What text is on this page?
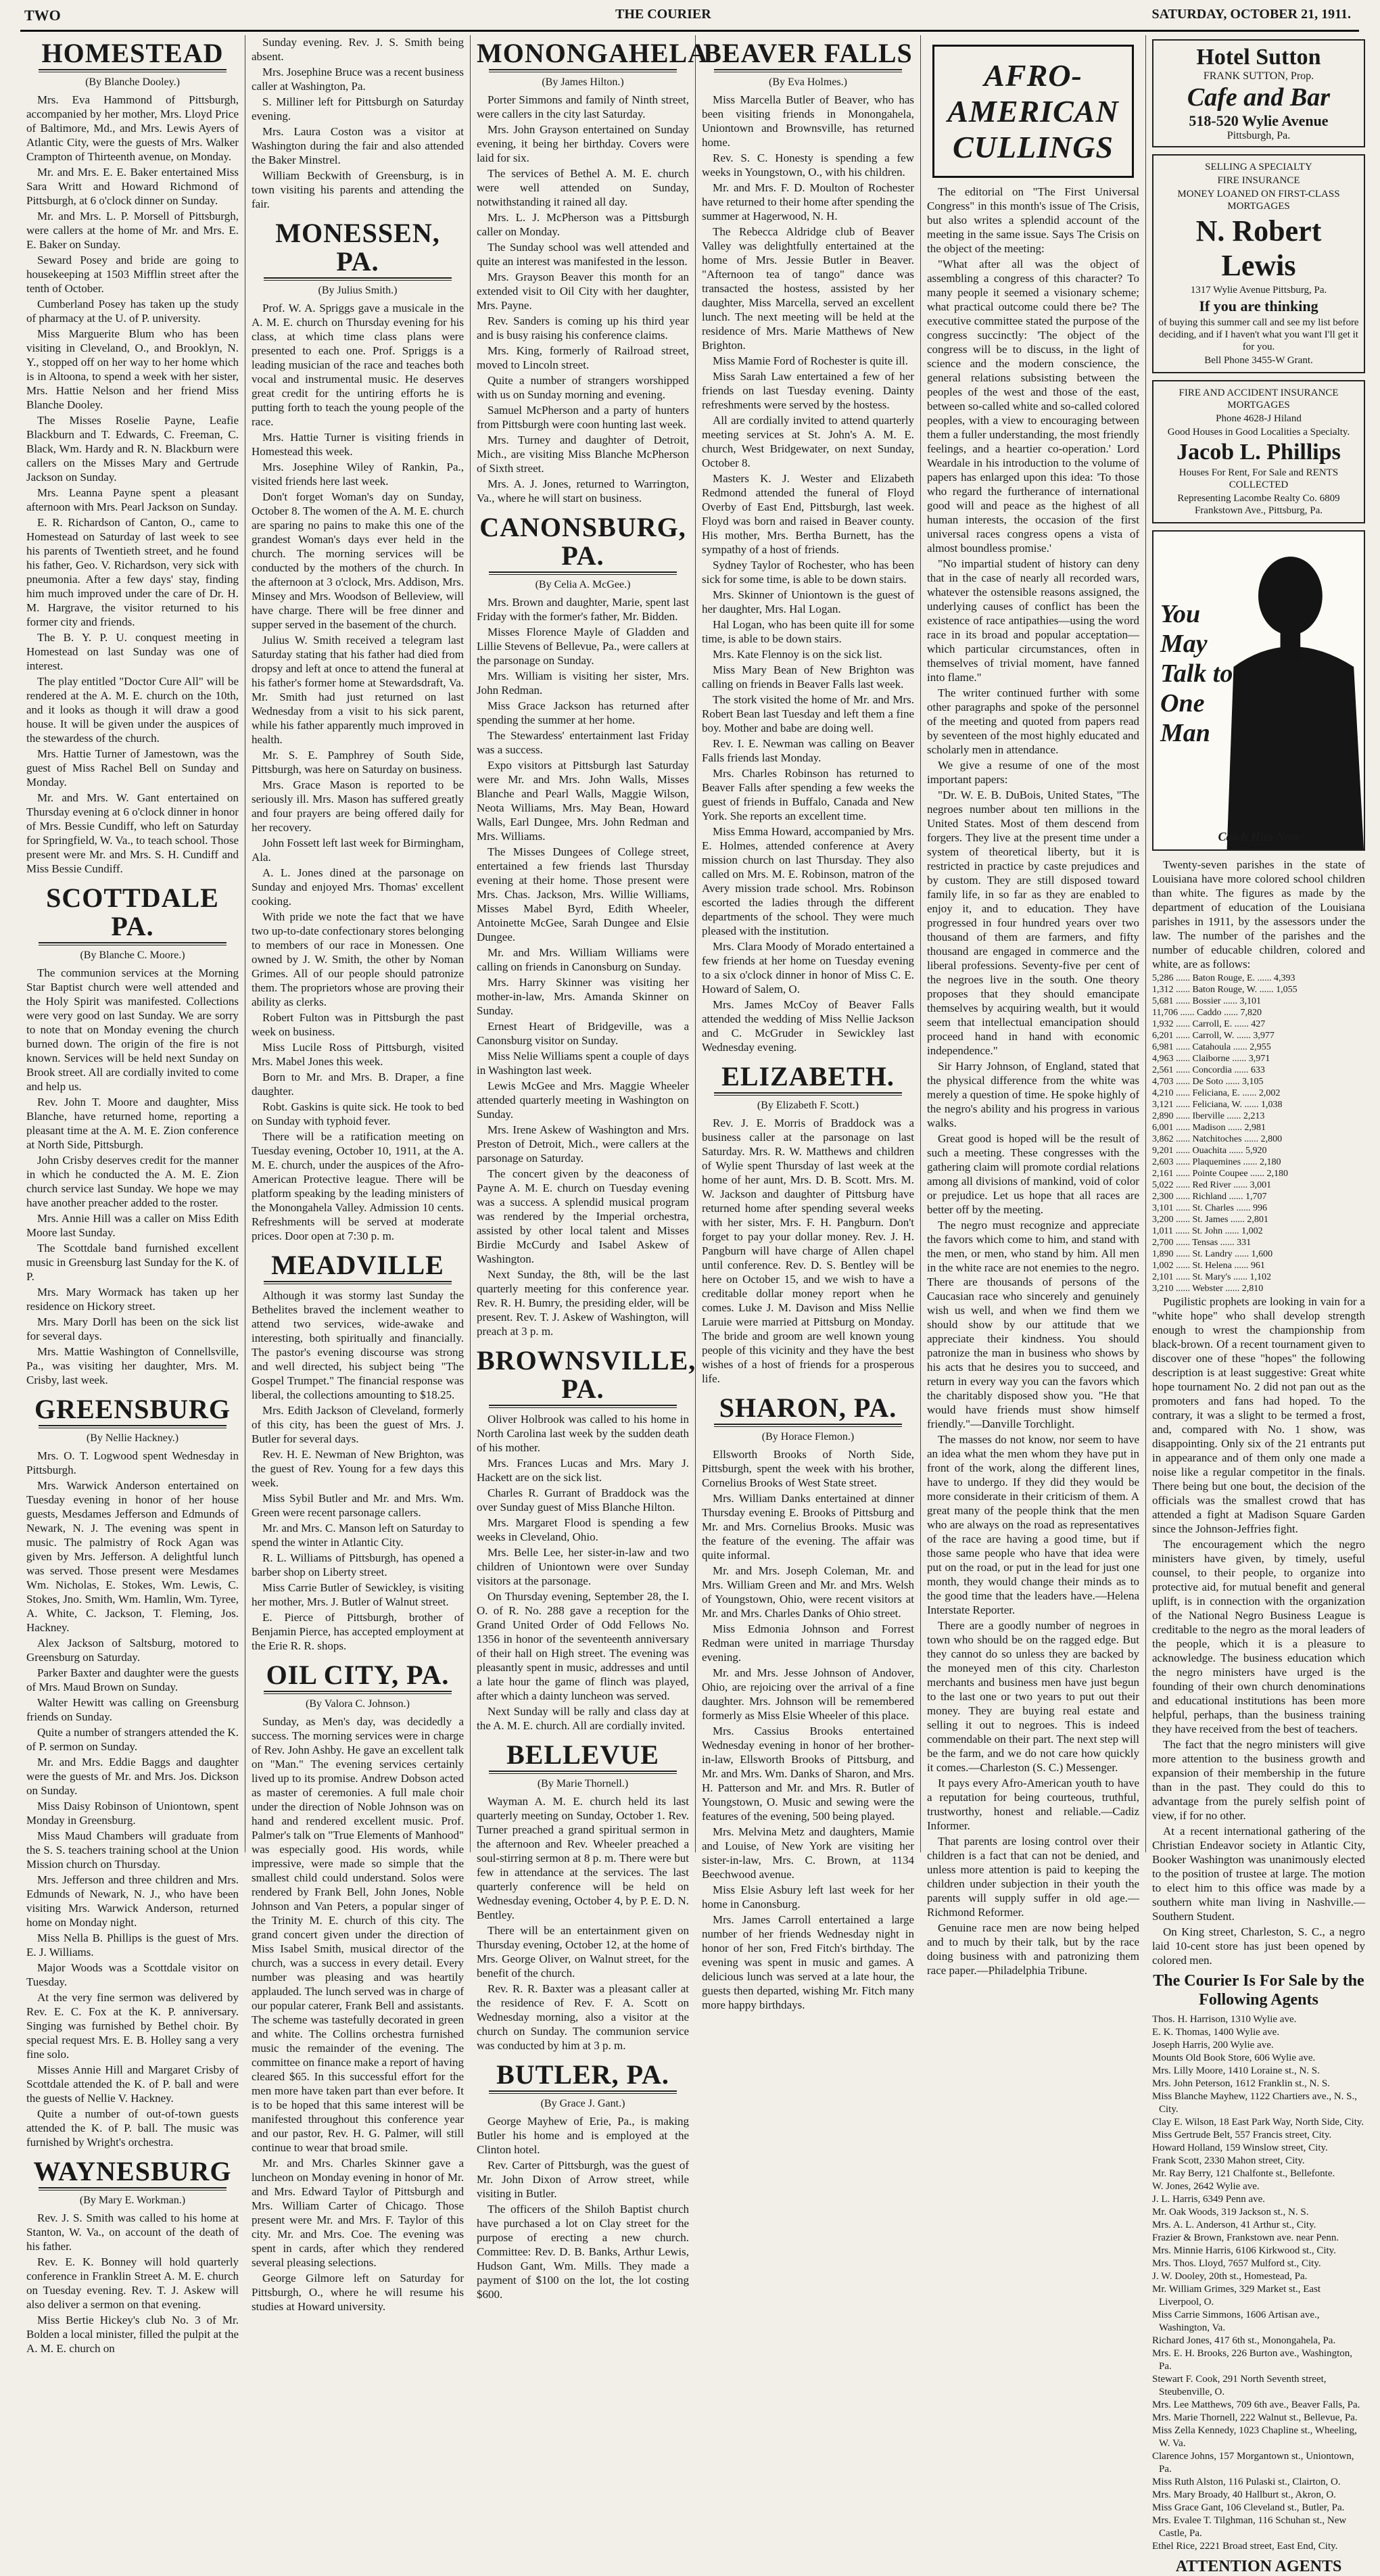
TWO	THE COURIER	SATURDAY, OCTOBER 21, 1911.
HOMESTEAD
(By Blanche Dooley.)

Mrs. Eva Hammond of Pittsburgh, accompanied by her mother, Mrs. Lloyd Price of Baltimore, Md., and Mrs. Lewis Ayers of Atlantic City, were the guests of Mrs. Walker Crampton of Thirteenth avenue, on Monday.

Mr. and Mrs. E. E. Baker entertained Miss Sara Writt and Howard Richmond of Pittsburgh, at 6 o'clock dinner on Sunday.

Mr. and Mrs. L. P. Morsell of Pittsburgh, were callers at the home of Mr. and Mrs. E. E. Baker on Sunday.

Seward Posey and bride are going to housekeeping at 1503 Mifflin street after the tenth of October.

Cumberland Posey has taken up the study of pharmacy at the U. of P. university.

Miss Marguerite Blum who has been visiting in Cleveland, O., and Brooklyn, N. Y., stopped off on her way to her home which is in Altoona, to spend a week with her sister, Mrs. Hattie Nelson and her friend Miss Blanche Dooley.

The Misses Roselie Payne, Leafie Blackburn and T. Edwards, C. Freeman, C. Black, Wm. Hardy and R. N. Blackburn were callers on the Misses Mary and Gertrude Jackson on Sunday.

Mrs. Leanna Payne spent a pleasant afternoon with Mrs. Pearl Jackson on Sunday.

E. R. Richardson of Canton, O., came to Homestead on Saturday of last week to see his parents of Twentieth street, and he found his father, Geo. V. Richardson, very sick with pneumonia. After a few days' stay, finding him much improved under the care of Dr. H. M. Hargrave, the visitor returned to his former city and friends.

The B. Y. P. U. conquest meeting in Homestead on last Sunday was one of interest.

The play entitled "Doctor Cure All" will be rendered at the A. M. E. church on the 10th, and it looks as though it will draw a good house. It will be given under the auspices of the stewardess of the church.

Mrs. Hattie Turner of Jamestown, was the guest of Miss Rachel Bell on Sunday and Monday.

Mr. and Mrs. W. Gant entertained on Thursday evening at 6 o'clock dinner in honor of Mrs. Bessie Cundiff, who left on Saturday for Springfield, W. Va., to teach school. Those present were Mr. and Mrs. S. H. Cundiff and Miss Bessie Cundiff.

SCOTTDALE PA.
(By Blanche C. Moore.)

The communion services at the Morning Star Baptist church were well attended and the Holy Spirit was manifested. Collections were very good on last Sunday. We are sorry to note that on Monday evening the church burned down. The origin of the fire is not known. Services will be held next Sunday on Brook street. All are cordially invited to come and help us.

Rev. John T. Moore and daughter, Miss Blanche, have returned home, reporting a pleasant time at the A. M. E. Zion conference at North Side, Pittsburgh.

John Crisby deserves credit for the manner in which he conducted the A. M. E. Zion church service last Sunday. We hope we may have another preacher added to the roster.

Mrs. Annie Hill was a caller on Miss Edith Moore last Sunday.

The Scottdale band furnished excellent music in Greensburg last Sunday for the K. of P.

Mrs. Mary Wormack has taken up her residence on Hickory street.

Mrs. Mary Dorll has been on the sick list for several days.

Mrs. Mattie Washington of Connellsville, Pa., was visiting her daughter, Mrs. M. Crisby, last week.

GREENSBURG
(By Nellie Hackney.)

Mrs. O. T. Logwood spent Wednesday in Pittsburgh.

Mrs. Warwick Anderson entertained on Tuesday evening in honor of her house guests, Mesdames Jefferson and Edmunds of Newark, N. J. The evening was spent in music. The palmistry of Rock Agan was given by Mrs. Jefferson. A delightful lunch was served. Those present were Mesdames Wm. Nicholas, E. Stokes, Wm. Lewis, C. Stokes, Jno. Smith, Wm. Hamlin, Wm. Tyree, A. White, C. Jackson, T. Fleming, Jos. Hackney.

Alex Jackson of Saltsburg, motored to Greensburg on Saturday.

Parker Baxter and daughter were the guests of Mrs. Maud Brown on Sunday.

Walter Hewitt was calling on Greensburg friends on Sunday.

Quite a number of strangers attended the K. of P. sermon on Sunday.

Mr. and Mrs. Eddie Baggs and daughter were the guests of Mr. and Mrs. Jos. Dickson on Sunday.

Miss Daisy Robinson of Uniontown, spent Monday in Greensburg.

Miss Maud Chambers will graduate from the S. S. teachers training school at the Union Mission church on Thursday.

Mrs. Jefferson and three children and Mrs. Edmunds of Newark, N. J., who have been visiting Mrs. Warwick Anderson, returned home on Monday night.

Miss Nella B. Phillips is the guest of Mrs. E. J. Williams.

Major Woods was a Scottdale visitor on Tuesday.

At the very fine sermon was delivered by Rev. E. C. Fox at the K. P. anniversary. Singing was furnished by Bethel choir. By special request Mrs. E. B. Holley sang a very fine solo.

Misses Annie Hill and Margaret Crisby of Scottdale attended the K. of P. ball and were the guests of Nellie V. Hackney.

Quite a number of out-of-town guests attended the K. of P. ball. The music was furnished by Wright's orchestra.

WAYNESBURG
(By Mary E. Workman.)

Rev. J. S. Smith was called to his home at Stanton, W. Va., on account of the death of his father.

Rev. E. K. Bonney will hold quarterly conference in Franklin Street A. M. E. church on Tuesday evening. Rev. T. J. Askew will also deliver a sermon on that evening.

Miss Bertie Hickey's club No. 3 of Mr. Bolden a local minister, filled the pulpit at the A. M. E. church on

Sunday evening. Rev. J. S. Smith being absent.

Mrs. Josephine Bruce was a recent business caller at Washington, Pa.

S. Milliner left for Pittsburgh on Saturday evening.

Mrs. Laura Coston was a visitor at Washington during the fair and also attended the Baker Minstrel.

William Beckwith of Greensburg, is in town visiting his parents and attending the fair.

MONESSEN, PA.
(By Julius Smith.)

Prof. W. A. Spriggs gave a musicale in the A. M. E. church on Thursday evening for his class, at which time class plans were presented to each one. Prof. Spriggs is a leading musician of the race and teaches both vocal and instrumental music. He deserves great credit for the untiring efforts he is putting forth to teach the young people of the race.

Mrs. Hattie Turner is visiting friends in Homestead this week.

Mrs. Josephine Wiley of Rankin, Pa., visited friends here last week.

Don't forget Woman's day on Sunday, October 8. The women of the A. M. E. church are sparing no pains to make this one of the grandest Woman's days ever held in the church. The morning services will be conducted by the mothers of the church. In the afternoon at 3 o'clock, Mrs. Addison, Mrs. Minsey and Mrs. Woodson of Belleview, will have charge. There will be free dinner and supper served in the basement of the church.

Julius W. Smith received a telegram last Saturday stating that his father had died from dropsy and left at once to attend the funeral at his father's former home at Stewardsdraft, Va. Mr. Smith had just returned on last Wednesday from a visit to his sick parent, while his father apparently much improved in health.

Mr. S. E. Pamphrey of South Side, Pittsburgh, was here on Saturday on business.

Mrs. Grace Mason is reported to be seriously ill. Mrs. Mason has suffered greatly and four prayers are being offered daily for her recovery.

John Fossett left last week for Birmingham, Ala.

A. L. Jones dined at the parsonage on Sunday and enjoyed Mrs. Thomas' excellent cooking.

With pride we note the fact that we have two up-to-date confectionary stores belonging to members of our race in Monessen. One owned by J. W. Smith, the other by Noman Grimes. All of our people should patronize them. The proprietors whose are proving their ability as clerks.

Robert Fulton was in Pittsburgh the past week on business.

Miss Lucile Ross of Pittsburgh, visited Mrs. Mabel Jones this week.

Born to Mr. and Mrs. B. Draper, a fine daughter.

Robt. Gaskins is quite sick. He took to bed on Sunday with typhoid fever.

There will be a ratification meeting on Tuesday evening, October 10, 1911, at the A. M. E. church, under the auspices of the Afro-American Protective league. There will be platform speaking by the leading ministers of the Monongahela Valley. Admission 10 cents. Refreshments will be served at moderate prices. Door open at 7:30 p. m.

MEADVILLE

Although it was stormy last Sunday the Bethelites braved the inclement weather to attend two services, wide-awake and interesting, both spiritually and financially. The pastor's evening discourse was strong and well directed, his subject being "The Gospel Trumpet." The financial response was liberal, the collections amounting to $18.25.

Mrs. Edith Jackson of Cleveland, formerly of this city, has been the guest of Mrs. J. Butler for several days.

Rev. H. E. Newman of New Brighton, was the guest of Rev. Young for a few days this week.

Miss Sybil Butler and Mr. and Mrs. Wm. Green were recent parsonage callers.

Mr. and Mrs. C. Manson left on Saturday to spend the winter in Atlantic City.

R. L. Williams of Pittsburgh, has opened a barber shop on Liberty street.

Miss Carrie Butler of Sewickley, is visiting her mother, Mrs. J. Butler of Walnut street.

E. Pierce of Pittsburgh, brother of Benjamin Pierce, has accepted employment at the Erie R. R. shops.

OIL CITY, PA.
(By Valora C. Johnson.)

Sunday, as Men's day, was decidedly a success. The morning services were in charge of Rev. John Ashby. He gave an excellent talk on "Man." The evening services certainly lived up to its promise. Andrew Dobson acted as master of ceremonies. A full male choir under the direction of Noble Johnson was on hand and rendered excellent music. Prof. Palmer's talk on "True Elements of Manhood" was especially good. His words, while impressive, were made so simple that the smallest child could understand. Solos were rendered by Frank Bell, John Jones, Noble Johnson and Van Peters, a popular singer of the Trinity M. E. church of this city. The grand concert given under the direction of Miss Isabel Smith, musical director of the church, was a success in every detail. Every number was pleasing and was heartily applauded. The lunch served was in charge of our popular caterer, Frank Bell and assistants. The scheme was tastefully decorated in green and white. The Collins orchestra furnished music the remainder of the evening. The committee on finance make a report of having cleared $65. In this successful effort for the men more have taken part than ever before. It is to be hoped that this same interest will be manifested throughout this conference year and our pastor, Rev. H. G. Palmer, will still continue to wear that broad smile.

Mr. and Mrs. Charles Skinner gave a luncheon on Monday evening in honor of Mr. and Mrs. Edward Taylor of Pittsburgh and Mrs. William Carter of Chicago. Those present were Mr. and Mrs. F. Taylor of this city. Mr. and Mrs. Coe. The evening was spent in cards, after which they rendered several pleasing selections.

George Gilmore left on Saturday for Pittsburgh, O., where he will resume his studies at Howard university.

MONONGAHELA
(By James Hilton.)

Porter Simmons and family of Ninth street, were callers in the city last Saturday.

Mrs. John Grayson entertained on Sunday evening, it being her birthday. Covers were laid for six.

The services of Bethel A. M. E. church were well attended on Sunday, notwithstanding it rained all day.

Mrs. L. J. McPherson was a Pittsburgh caller on Monday.

The Sunday school was well attended and quite an interest was manifested in the lesson.

Mrs. Grayson Beaver this month for an extended visit to Oil City with her daughter, Mrs. Payne.

Rev. Sanders is coming up his third year and is busy raising his conference claims.

Mrs. King, formerly of Railroad street, moved to Lincoln street.

Quite a number of strangers worshipped with us on Sunday morning and evening.

Samuel McPherson and a party of hunters from Pittsburgh were coon hunting last week.

Mrs. Turney and daughter of Detroit, Mich., are visiting Miss Blanche McPherson of Sixth street.

Mrs. A. J. Jones, returned to Warrington, Va., where he will start on business.

CANONSBURG, PA.
(By Celia A. McGee.)

Mrs. Brown and daughter, Marie, spent last Friday with the former's father, Mr. Bidden.

Misses Florence Mayle of Gladden and Lillie Stevens of Bellevue, Pa., were callers at the parsonage on Sunday.

Mrs. William is visiting her sister, Mrs. John Redman.

Miss Grace Jackson has returned after spending the summer at her home.

The Stewardess' entertainment last Friday was a success.

Expo visitors at Pittsburgh last Saturday were Mr. and Mrs. John Walls, Misses Blanche and Pearl Walls, Maggie Wilson, Neota Williams, Mrs. May Bean, Howard Walls, Earl Dungee, Mrs. John Redman and Mrs. Williams.

The Misses Dungees of College street, entertained a few friends last Thursday evening at their home. Those present were Mrs. Chas. Jackson, Mrs. Willie Williams, Misses Mabel Byrd, Edith Wheeler, Antoinette McGee, Sarah Dungee and Elsie Dungee.

Mr. and Mrs. William Williams were calling on friends in Canonsburg on Sunday.

Mrs. Harry Skinner was visiting her mother-in-law, Mrs. Amanda Skinner on Sunday.

Ernest Heart of Bridgeville, was a Canonsburg visitor on Sunday.

Miss Nelie Williams spent a couple of days in Washington last week.

Lewis McGee and Mrs. Maggie Wheeler attended quarterly meeting in Washington on Sunday.

Mrs. Irene Askew of Washington and Mrs. Preston of Detroit, Mich., were callers at the parsonage on Saturday.

The concert given by the deaconess of Payne A. M. E. church on Tuesday evening was a success. A splendid musical program was rendered by the Imperial orchestra, assisted by other local talent and Misses Birdie McCurdy and Isabel Askew of Washington.

Next Sunday, the 8th, will be the last quarterly meeting for this conference year. Rev. R. H. Bumry, the presiding elder, will be present. Rev. T. J. Askew of Washington, will preach at 3 p. m.

BROWNSVILLE, PA.

Oliver Holbrook was called to his home in North Carolina last week by the sudden death of his mother.

Mrs. Frances Lucas and Mrs. Mary J. Hackett are on the sick list.

Charles R. Gurrant of Braddock was the over Sunday guest of Miss Blanche Hilton.

Mrs. Margaret Flood is spending a few weeks in Cleveland, Ohio.

Mrs. Belle Lee, her sister-in-law and two children of Uniontown were over Sunday visitors at the parsonage.

On Thursday evening, September 28, the I. O. of R. No. 288 gave a reception for the Grand United Order of Odd Fellows No. 1356 in honor of the seventeenth anniversary of their hall on High street. The evening was pleasantly spent in music, addresses and until a late hour the game of flinch was played, after which a dainty luncheon was served.

Next Sunday will be rally and class day at the A. M. E. church. All are cordially invited.

BELLEVUE
(By Marie Thornell.)

Wayman A. M. E. church held its last quarterly meeting on Sunday, October 1. Rev. Turner preached a grand spiritual sermon in the afternoon and Rev. Wheeler preached a soul-stirring sermon at 8 p. m. There were but few in attendance at the services. The last quarterly conference will be held on Wednesday evening, October 4, by P. E. D. N. Bentley.

There will be an entertainment given on Thursday evening, October 12, at the home of Mrs. George Oliver, on Walnut street, for the benefit of the church.

Rev. R. R. Baxter was a pleasant caller at the residence of Rev. F. A. Scott on Wednesday morning, also a visitor at the church on Sunday. The communion service was conducted by him at 3 p. m.

BUTLER, PA.
(By Grace J. Gant.)

George Mayhew of Erie, Pa., is making Butler his home and is employed at the Clinton hotel.

Rev. Carter of Pittsburgh, was the guest of Mr. John Dixon of Arrow street, while visiting in Butler.

The officers of the Shiloh Baptist church have purchased a lot on Clay street for the purpose of erecting a new church. Committee: Rev. D. B. Banks, Arthur Lewis, Hudson Gant, Wm. Mills. They made a payment of $100 on the lot, the lot costing $600.

BEAVER FALLS
(By Eva Holmes.)

Miss Marcella Butler of Beaver, who has been visiting friends in Monongahela, Uniontown and Brownsville, has returned home.

Rev. S. C. Honesty is spending a few weeks in Youngstown, O., with his children.

Mr. and Mrs. F. D. Moulton of Rochester have returned to their home after spending the summer at Hagerwood, N. H.

The Rebecca Aldridge club of Beaver Valley was delightfully entertained at the home of Mrs. Jessie Butler in Beaver. "Afternoon tea of tango" dance was transacted the hostess, assisted by her daughter, Miss Marcella, served an excellent lunch. The next meeting will be held at the residence of Mrs. Marie Matthews of New Brighton.

Miss Mamie Ford of Rochester is quite ill.

Miss Sarah Law entertained a few of her friends on last Tuesday evening. Dainty refreshments were served by the hostess.

All are cordially invited to attend quarterly meeting services at St. John's A. M. E. church, West Bridgewater, on next Sunday, October 8.

Masters K. J. Wester and Elizabeth Redmond attended the funeral of Floyd Overby of East End, Pittsburgh, last week. Floyd was born and raised in Beaver county. His mother, Mrs. Bertha Burnett, has the sympathy of a host of friends.

Sydney Taylor of Rochester, who has been sick for some time, is able to be down stairs.

Mrs. Skinner of Uniontown is the guest of her daughter, Mrs. Hal Logan.

Hal Logan, who has been quite ill for some time, is able to be down stairs.

Mrs. Kate Flennoy is on the sick list.

Miss Mary Bean of New Brighton was calling on friends in Beaver Falls last week.

The stork visited the home of Mr. and Mrs. Robert Bean last Tuesday and left them a fine boy. Mother and babe are doing well.

Rev. I. E. Newman was calling on Beaver Falls friends last Monday.

Mrs. Charles Robinson has returned to Beaver Falls after spending a few weeks the guest of friends in Buffalo, Canada and New York. She reports an excellent time.

Miss Emma Howard, accompanied by Mrs. E. Holmes, attended conference at Avery mission church on last Thursday. They also called on Mrs. M. E. Robinson, matron of the Avery mission trade school. Mrs. Robinson escorted the ladies through the different departments of the school. They were much pleased with the institution.

Mrs. Clara Moody of Morado entertained a few friends at her home on Tuesday evening to a six o'clock dinner in honor of Miss C. E. Howard of Salem, O.

Mrs. James McCoy of Beaver Falls attended the wedding of Miss Nellie Jackson and C. McGruder in Sewickley last Wednesday evening.

ELIZABETH.
(By Elizabeth F. Scott.)

Rev. J. E. Morris of Braddock was a business caller at the parsonage on last Saturday. Mrs. R. W. Matthews and children of Wylie spent Thursday of last week at the home of her aunt, Mrs. D. B. Scott. Mrs. M. W. Jackson and daughter of Pittsburg have returned home after spending several weeks with her sister, Mrs. F. H. Pangburn. Don't forget to pay your dollar money. Rev. J. H. Pangburn will have charge of Allen chapel until conference. Rev. D. S. Bentley will be here on October 15, and we wish to have a creditable dollar money report when he comes. Luke J. M. Davison and Miss Nellie Laruie were married at Pittsburg on Monday. The bride and groom are well known young people of this vicinity and they have the best wishes of a host of friends for a prosperous life.

SHARON, PA.
(By Horace Flemon.)

Ellsworth Brooks of North Side, Pittsburgh, spent the week with his brother, Cornelius Brooks of West State street.

Mrs. William Danks entertained at dinner Thursday evening E. Brooks of Pittsburg and Mr. and Mrs. Cornelius Brooks. Music was the feature of the evening. The affair was quite informal.

Mr. and Mrs. Joseph Coleman, Mr. and Mrs. William Green and Mr. and Mrs. Welsh of Youngstown, Ohio, were recent visitors at Mr. and Mrs. Charles Danks of Ohio street.

Miss Edmonia Johnson and Forrest Redman were united in marriage Thursday evening.

Mr. and Mrs. Jesse Johnson of Andover, Ohio, are rejoicing over the arrival of a fine daughter. Mrs. Johnson will be remembered formerly as Miss Elsie Wheeler of this place.

Mrs. Cassius Brooks entertained Wednesday evening in honor of her brother-in-law, Ellsworth Brooks of Pittsburg, and Mr. and Mrs. Wm. Danks of Sharon, and Mrs. H. Patterson and Mr. and Mrs. R. Butler of Youngstown, O. Music and sewing were the features of the evening, 500 being played.

Mrs. Melvina Metz and daughters, Mamie and Louise, of New York are visiting her sister-in-law, Mrs. C. Brown, at 1134 Beechwood avenue.

Miss Elsie Asbury left last week for her home in Canonsburg.

Mrs. James Carroll entertained a large number of her friends Wednesday night in honor of her son, Fred Fitch's birthday. The evening was spent in music and games. A delicious lunch was served at a late hour, the guests then departed, wishing Mr. Fitch many more happy birthdays.

AFRO-AMERICAN CULLINGS

The editorial on "The First Universal Congress" in this month's issue of The Crisis, but also writes a splendid account of the meeting in the same issue. Says The Crisis on the object of the meeting:

"What after all was the object of assembling a congress of this character? To many people it seemed a visionary scheme; what practical outcome could there be? The executive committee stated the purpose of the congress succinctly: 'The object of the congress will be to discuss, in the light of science and the modern conscience, the general relations subsisting between the peoples of the west and those of the east, between so-called white and so-called colored peoples, with a view to encouraging between them a fuller understanding, the most friendly feelings, and a heartier co-operation.' Lord Weardale in his introduction to the volume of papers has enlarged upon this idea: 'To those who regard the furtherance of international good will and peace as the highest of all human interests, the occasion of the first universal races congress opens a vista of almost boundless promise.'

"No impartial student of history can deny that in the case of nearly all recorded wars, whatever the ostensible reasons assigned, the underlying causes of conflict has been the existence of race antipathies—using the word race in its broad and popular acceptation—which particular circumstances, often in themselves of trivial moment, have fanned into flame."

The writer continued further with some other paragraphs and spoke of the personnel of the meeting and quoted from papers read by seventeen of the most highly educated and scholarly men in attendance.

We give a resume of one of the most important papers:

"Dr. W. E. B. DuBois, United States, "The negroes number about ten millions in the United States. Most of them descend from forgers. They live at the present time under a system of theoretical liberty, but it is restricted in practice by caste prejudices and by custom. They are still disposed toward family life, in so far as they are enabled to enjoy it, and to education. They have progressed in four hundred years over two thousand of them are farmers, and fifty thousand are engaged in commerce and the liberal professions. Seventy-five per cent of the negroes live in the south. One theory proposes that they should emancipate themselves by acquiring wealth, but it would seem that intellectual emancipation should proceed hand in hand with economic independence."

Sir Harry Johnson, of England, stated that the physical difference from the white was merely a question of time. He spoke highly of the negro's ability and his progress in various walks.

Great good is hoped will be the result of such a meeting. These congresses with the gathering claim will promote cordial relations among all divisions of mankind, void of color or prejudice. Let us hope that all races are better off by the meeting.

The negro must recognize and appreciate the favors which come to him, and stand with the men, or men, who stand by him. All men in the white race are not enemies to the negro. There are thousands of persons of the Caucasian race who sincerely and genuinely wish us well, and when we find them we should show by our attitude that we appreciate their kindness. You should patronize the man in business who shows by his acts that he desires you to succeed, and return in every way you can the favors which the charitably disposed show you. "He that would have friends must show himself friendly."—Danville Torchlight.

The masses do not know, nor seem to have an idea what the men whom they have put in front of the work, along the different lines, have to undergo. If they did they would be more considerate in their criticism of them. A great many of the people think that the men who are always on the road as representatives of the race are having a good time, but if those same people who have that idea were put on the road, or put in the lead for just one month, they would change their minds as to the good time that the leaders have.—Helena Interstate Reporter.

There are a goodly number of negroes in town who should be on the ragged edge. But they cannot do so unless they are backed by the moneyed men of this city. Charleston merchants and business men have just begun to the last one or two years to put out their money. They are buying real estate and selling it out to negroes. This is indeed commendable on their part. The next step will be the farm, and we do not care how quickly it comes.—Charleston (S. C.) Messenger.

It pays every Afro-American youth to have a reputation for being courteous, truthful, trustworthy, honest and reliable.—Cadiz Informer.

That parents are losing control over their children is a fact that can not be denied, and unless more attention is paid to keeping the children under subjection in their youth the parents will supply suffer in old age.—Richmond Reformer.

Genuine race men are now being helped and to much by their talk, but by the race doing business with and patronizing them race paper.—Philadelphia Tribune.

Hotel Sutton
FRANK SUTTON, Prop.
Cafe and Bar
518-520 Wylie Avenue
Pittsburgh, Pa.

SELLING A SPECIALTY

FIRE INSURANCE

MONEY LOANED ON FIRST-CLASS MORTGAGES

N. Robert Lewis

1317 Wylie Avenue Pittsburg, Pa.

If you are thinking

of buying this summer call and see my list before deciding, and if I haven't what you want I'll get it for you.

Bell Phone 3455-W Grant.

FIRE AND ACCIDENT INSURANCE MORTGAGES

Phone 4628-J Hiland

Good Houses in Good Localities a Specialty.

Jacob L. Phillips

Houses For Rent, For Sale and RENTS COLLECTED

Representing Lacombe Realty Co. 6809 Frankstown Ave., Pittsburg, Pa.

You May Talk to One Man
Catch Him Now

Twenty-seven parishes in the state of Louisiana have more colored school children than white. The figures as made by the department of education of the Louisiana parishes in 1911, by the assessors under the law. The number of the parishes and the number of educable children, colored and white, are as follows:

5,286 ...... Baton Rouge, E. ...... 4,393
1,312 ...... Baton Rouge, W. ...... 1,055
5,681 ...... Bossier ...... 3,101
11,706 ...... Caddo ...... 7,820
1,932 ...... Carroll, E. ...... 427
6,201 ...... Carroll, W. ...... 3,977
6,981 ...... Catahoula ...... 2,955
4,963 ...... Claiborne ...... 3,971
2,561 ...... Concordia ...... 633
4,703 ...... De Soto ...... 3,105
4,210 ...... Feliciana, E. ...... 2,002
3,121 ...... Feliciana, W. ...... 1,038
2,890 ...... Iberville ...... 2,213
6,001 ...... Madison ...... 2,981
3,862 ...... Natchitoches ...... 2,800
9,201 ...... Ouachita ...... 5,920
2,603 ...... Plaquemines ...... 2,180
2,161 ...... Pointe Coupee ...... 2,180
5,022 ...... Red River ...... 3,001
2,300 ...... Richland ...... 1,707
3,101 ...... St. Charles ...... 996
3,200 ...... St. James ...... 2,801
1,011 ...... St. John ...... 1,002
2,700 ...... Tensas ...... 331
1,890 ...... St. Landry ...... 1,600
1,002 ...... St. Helena ...... 961
2,101 ...... St. Mary's ...... 1,102
3,210 ...... Webster ...... 2,810

Pugilistic prophets are looking in vain for a "white hope" who shall develop strength enough to wrest the championship from black-brown. Of a recent tournament given to discover one of these "hopes" the following description is at least suggestive: Great white hope tournament No. 2 did not pan out as the promoters and fans had hoped. To the contrary, it was a slight to be termed a frost, and, compared with No. 1 show, was disappointing. Only six of the 21 entrants put in appearance and of them only one made a noise like a regular competitor in the finals. There being but one bout, the decision of the officials was the smallest crowd that has attended a fight at Madison Square Garden since the Johnson-Jeffries fight.

The encouragement which the negro ministers have given, by timely, useful counsel, to their people, to organize into protective aid, for mutual benefit and general uplift, is in connection with the organization of the National Negro Business League is creditable to the negro as the moral leaders of the people, which it is a pleasure to acknowledge. The business education which the negro ministers have urged is the founding of their own church denominations and educational institutions has been more helpful, perhaps, than the business training they have received from the best of teachers.

The fact that the negro ministers will give more attention to the business growth and expansion of their membership in the future than in the past. They could do this to advantage from the purely selfish point of view, if for no other.

At a recent international gathering of the Christian Endeavor society in Atlantic City, Booker Washington was unanimously elected to the position of trustee at large. The motion to elect him to this office was made by a southern white man living in Nashville.—Southern Student.

On King street, Charleston, S. C., a negro laid 10-cent store has just been opened by colored men.

The Courier Is For Sale by the Following Agents

Thos. H. Harrison, 1310 Wylie ave.

E. K. Thomas, 1400 Wylie ave.

Joseph Harris, 200 Wylie ave.

Mounts Old Book Store, 606 Wylie ave.

Mrs. Lilly Moore, 1410 Loraine st., N. S.

Mrs. John Peterson, 1612 Franklin st., N. S.

Miss Blanche Mayhew, 1122 Chartiers ave., N. S., City.

Clay E. Wilson, 18 East Park Way, North Side, City.

Miss Gertrude Belt, 557 Francis street, City.

Howard Holland, 159 Winslow street, City.

Frank Scott, 2330 Mahon street, City.

Mr. Ray Berry, 121 Chalfonte st., Bellefonte.

W. Jones, 2642 Wylie ave.

J. L. Harris, 6349 Penn ave.

Mr. Oak Woods, 319 Jackson st., N. S.

Mrs. A. L. Anderson, 41 Arthur st., City.

Frazier & Brown, Frankstown ave. near Penn.

Mrs. Minnie Harris, 6106 Kirkwood st., City.

Mrs. Thos. Lloyd, 7657 Mulford st., City.

J. W. Dooley, 20th st., Homestead, Pa.

Mr. William Grimes, 329 Market st., East Liverpool, O.

Miss Carrie Simmons, 1606 Artisan ave., Washington, Va.

Richard Jones, 417 6th st., Monongahela, Pa.

Mrs. E. H. Brooks, 226 Burton ave., Washington, Pa.

Stewart F. Cook, 291 North Seventh street, Steubenville, O.

Mrs. Lee Matthews, 709 6th ave., Beaver Falls, Pa.

Mrs. Marie Thornell, 222 Walnut st., Bellevue, Pa.

Miss Zella Kennedy, 1023 Chapline st., Wheeling, W. Va.

Clarence Johns, 157 Morgantown st., Uniontown, Pa.

Miss Ruth Alston, 116 Pulaski st., Clairton, O.

Mrs. Mary Broady, 40 Hallburt st., Akron, O.

Miss Grace Gant, 106 Cleveland st., Butler, Pa.

Mrs. Evalee T. Tilghman, 116 Schuhan st., New Castle, Pa.

Ethel Rice, 2221 Broad street, East End, City.

ATTENTION AGENTS
